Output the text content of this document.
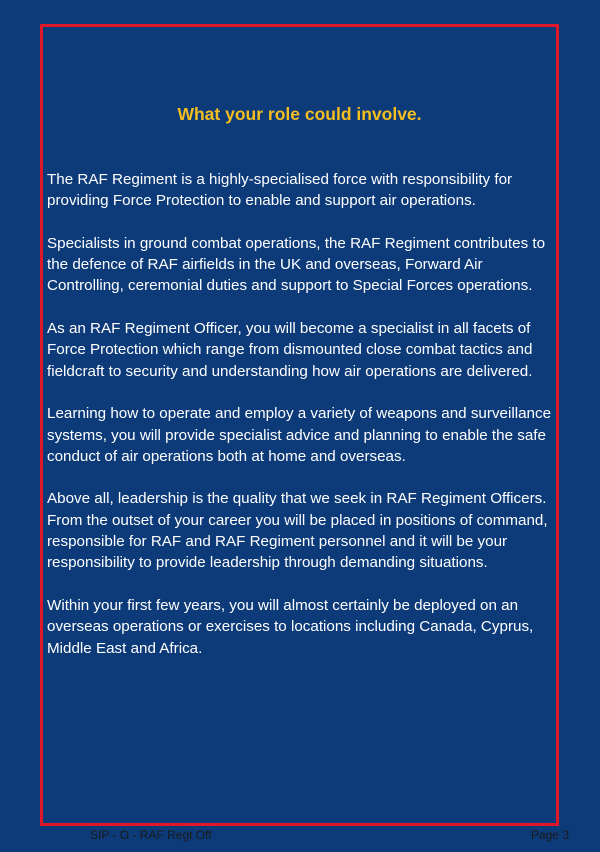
What your role could involve.

The RAF Regiment is a highly-specialised force with responsibility for providing Force Protection to enable and support air operations.

Specialists in ground combat operations, the RAF Regiment contributes to the defence of RAF airfields in the UK and overseas, Forward Air Controlling, ceremonial duties and support to Special Forces operations.

As an RAF Regiment Officer, you will become a specialist in all facets of Force Protection which range from dismounted close combat tactics and fieldcraft to security and understanding how air operations are delivered.

Learning how to operate and employ a variety of weapons and surveillance systems, you will provide specialist advice and planning to enable the safe conduct of air operations both at home and overseas.

Above all, leadership is the quality that we seek in RAF Regiment Officers. From the outset of your career you will be placed in positions of command, responsible for RAF and RAF Regiment personnel and it will be your responsibility to provide leadership through demanding situations.

Within your first few years, you will almost certainly be deployed on an overseas operations or exercises to locations including Canada, Cyprus, Middle East and Africa.

SIP - O - RAF Regt Off	Page 3
